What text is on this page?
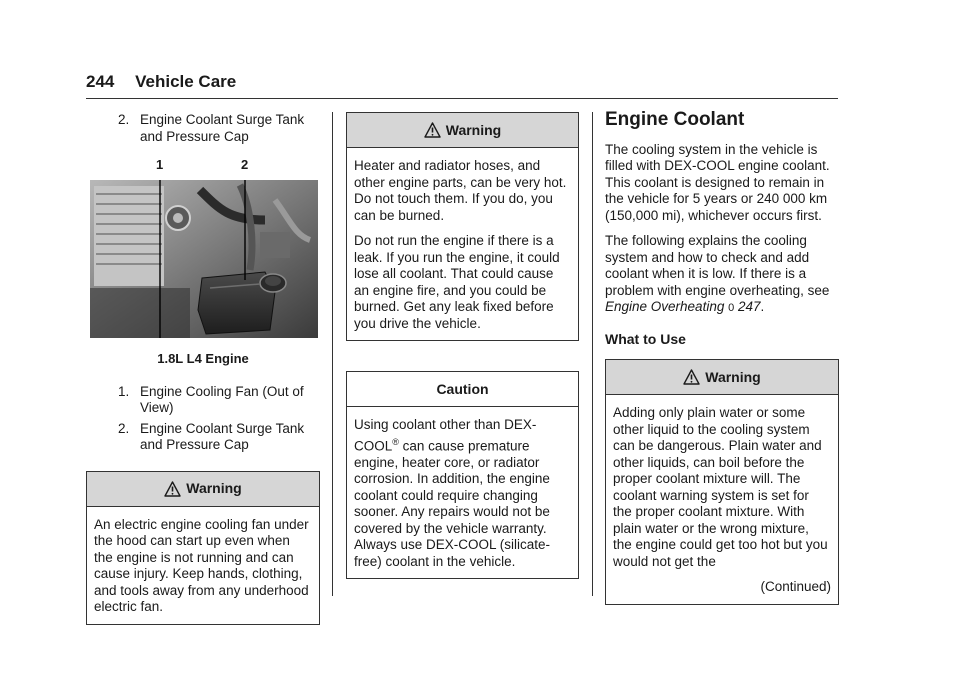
244 Vehicle Care
2. Engine Coolant Surge Tank and Pressure Cap
1	2
1.8L L4 Engine
1. Engine Cooling Fan (Out of View)
2. Engine Coolant Surge Tank and Pressure Cap
Warning

An electric engine cooling fan under the hood can start up even when the engine is not running and can cause injury. Keep hands, clothing, and tools away from any underhood electric fan.

Warning

Heater and radiator hoses, and other engine parts, can be very hot. Do not touch them. If you do, you can be burned.

Do not run the engine if there is a leak. If you run the engine, it could lose all coolant. That could cause an engine fire, and you could be burned. Get any leak fixed before you drive the vehicle.

Caution

Using coolant other than DEX-COOL® can cause premature engine, heater core, or radiator corrosion. In addition, the engine coolant could require changing sooner. Any repairs would not be covered by the vehicle warranty. Always use DEX-COOL (silicate-free) coolant in the vehicle.

Engine Coolant

The cooling system in the vehicle is filled with DEX-COOL engine coolant. This coolant is designed to remain in the vehicle for 5 years or 240 000 km (150,000 mi), whichever occurs first.

The following explains the cooling system and how to check and add coolant when it is low. If there is a problem with engine overheating, see Engine Overheating 0 247.

What to Use
Warning

Adding only plain water or some other liquid to the cooling system can be dangerous. Plain water and other liquids, can boil before the proper coolant mixture will. The coolant warning system is set for the proper coolant mixture. With plain water or the wrong mixture, the engine could get too hot but you would not get the

(Continued)
